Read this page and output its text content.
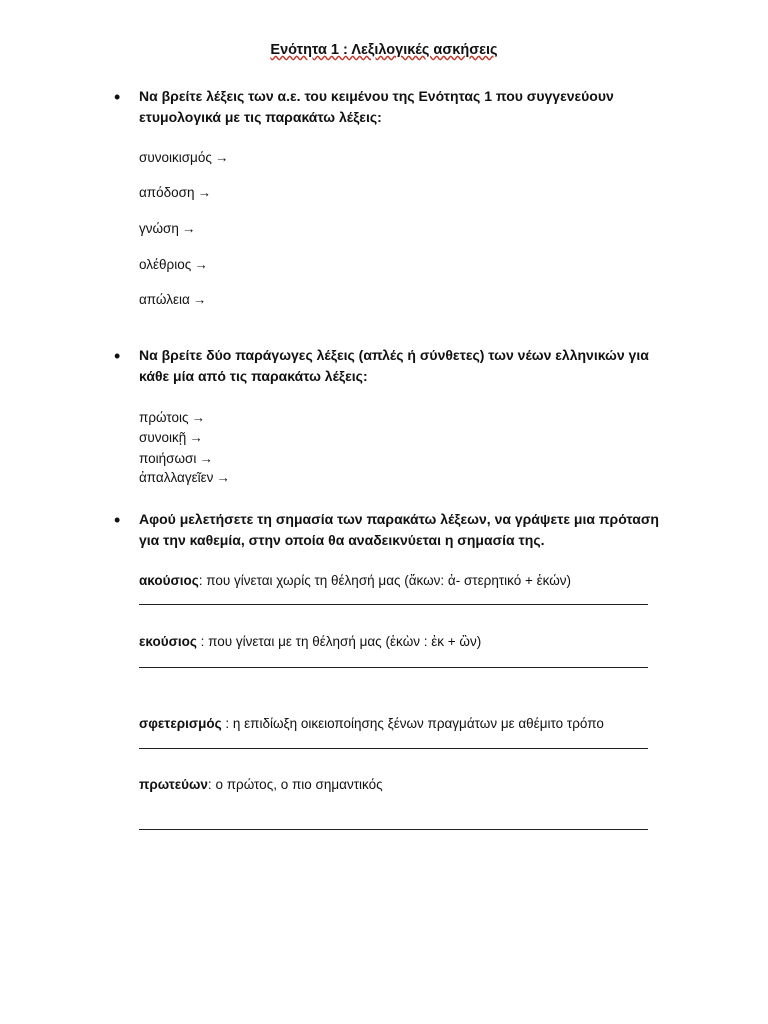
Ενότητα 1 : Λεξιλογικές ασκήσεις
• Να βρείτε λέξεις των α.ε. του κειμένου της Ενότητας 1 που συγγενεύουν ετυμολογικά με τις παρακάτω λέξεις:
συνοικισμός →
απόδοση →
γνώση →
ολέθριος →
απώλεια →
• Να βρείτε δύο παράγωγες λέξεις (απλές ή σύνθετες) των νέων ελληνικών για κάθε μία από τις παρακάτω λέξεις:
πρώτοις →
συνοικῇ →
ποιήσωσι →
ἀπαλλαγεῖεν →
• Αφού μελετήσετε τη σημασία των παρακάτω λέξεων, να γράψετε μια πρόταση για την καθεμία, στην οποία θα αναδεικνύεται η σημασία της.
ακούσιος: που γίνεται χωρίς τη θέλησή μας (ἄκων: ἀ- στερητικό + ἑκών)
εκούσιος : που γίνεται με τη θέλησή μας (ἑκὼν : ἐκ + ὢν)
σφετερισμός : η επιδίωξη οικειοποίησης ξένων πραγμάτων με αθέμιτο τρόπο
πρωτεύων: ο πρώτος, ο πιο σημαντικός
